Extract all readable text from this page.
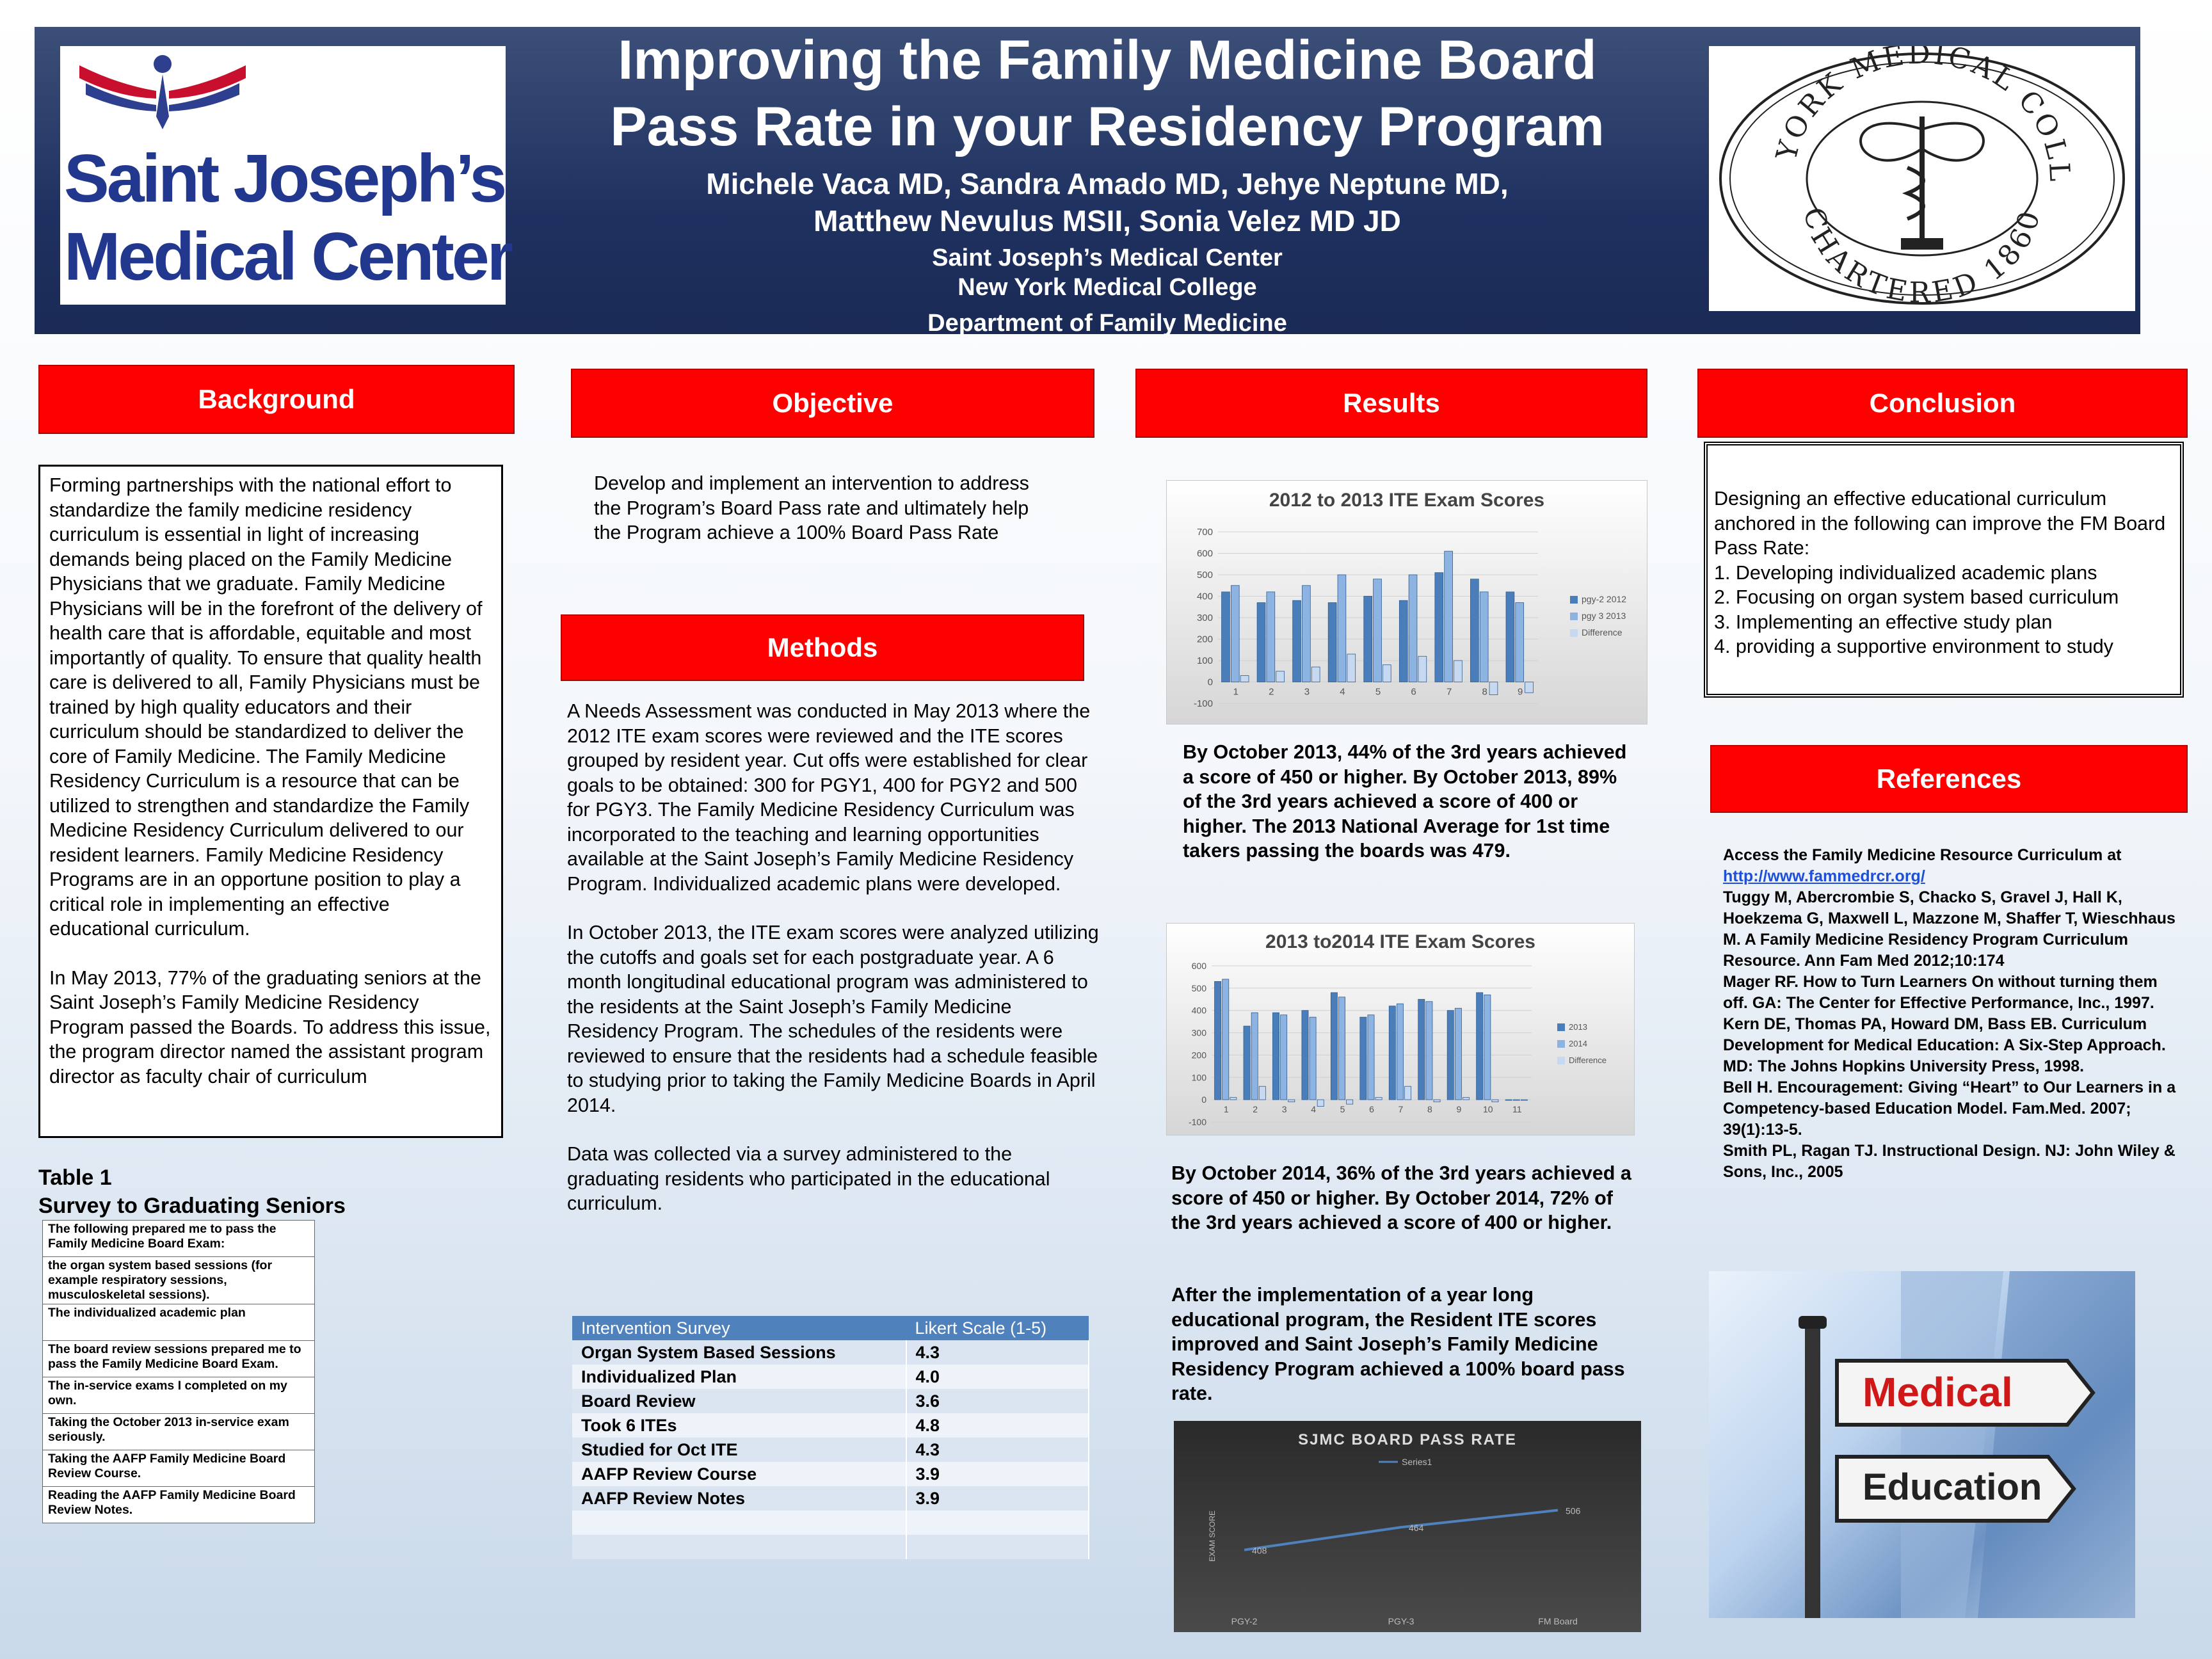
Saint Joseph’s
Medical Center
Improving the Family Medicine Board
Pass Rate in your Residency Program
Michele Vaca MD, Sandra Amado MD, Jehye Neptune MD,
Matthew Nevulus MSII, Sonia Velez MD JD
Saint Joseph’s Medical Center
New York Medical College
Department of Family Medicine
YORK MEDICAL COLL
CHARTERED 1860
Background
Forming partnerships with the national effort to standardize the family medicine residency curriculum is essential in light of increasing demands being placed on the Family Medicine Physicians that we graduate. Family Medicine Physicians will be in the forefront of the delivery of health care that is affordable, equitable and most importantly of quality. To ensure that quality health care is delivered to all, Family Physicians must be trained by high quality educators and their curriculum should be standardized to deliver the core of Family Medicine. The Family Medicine Residency Curriculum is a resource that can be utilized to strengthen and standardize the Family Medicine Residency Curriculum delivered to our resident learners. Family Medicine Residency Programs are in an opportune position to play a critical role in implementing an effective educational curriculum.
In May 2013, 77% of the graduating seniors at the Saint Joseph’s Family Medicine Residency Program passed the Boards. To address this issue, the program director named the assistant program director as faculty chair of curriculum
Table 1
Survey to Graduating Seniors
The following prepared me to pass the Family Medicine Board Exam:
the organ system based sessions (for example respiratory sessions, musculoskeletal sessions).
The individualized academic plan
The board review sessions prepared me to pass the Family Medicine Board Exam.
The in-service exams I completed on my own.
Taking the October 2013 in-service exam seriously.
Taking the AAFP Family Medicine Board Review Course.
Reading the AAFP Family Medicine Board Review Notes.
Objective
Develop and implement an intervention to address the Program’s Board Pass rate and ultimately help the Program achieve a 100% Board Pass Rate
Methods
A Needs Assessment was conducted in May 2013 where the 2012 ITE exam scores were reviewed and the ITE scores grouped by resident year. Cut offs were established for clear goals to be obtained: 300 for PGY1, 400 for PGY2 and 500 for PGY3. The Family Medicine Residency Curriculum was incorporated to the teaching and learning opportunities available at the Saint Joseph’s Family Medicine Residency Program. Individualized academic plans were developed.
In October 2013, the ITE exam scores were analyzed utilizing the cutoffs and goals set for each postgraduate year. A 6 month longitudinal educational program was administered to the residents at the Saint Joseph’s Family Medicine Residency Program. The schedules of the residents were reviewed to ensure that the residents had a schedule feasible to studying prior to taking the Family Medicine Boards in April 2014.
Data was collected via a survey administered to the graduating residents who participated in the educational curriculum.
Intervention Survey	Likert Scale (1-5)
Organ System Based Sessions	4.3
Individualized Plan	4.0
Board Review	3.6
Took 6 ITEs	4.8
Studied for Oct ITE	4.3
AAFP Review Course	3.9
AAFP Review Notes	3.9

Results
2012 to 2013 ITE Exam Scores
-100
0
100
200
300
400
500
600
700
1	2	3	4	5	6	7	8	9
pgy-2 2012
pgy 3 2013
Difference
By October 2013, 44% of the 3rd years achieved a score of 450 or higher. By October 2013, 89% of the 3rd years achieved a score of 400 or higher. The 2013 National Average for 1st time takers passing the boards was 479.
2013 to2014 ITE Exam Scores
-100
0
100
200
300
400
500
600
1	2	3	4	5	6	7	8	9 10 11
2013
2014
Difference
By October 2014, 36% of the 3rd years achieved a score of 450 or higher. By October 2014, 72% of the 3rd years achieved a score of 400 or higher.
After the implementation of a year long educational program, the Resident ITE scores improved and Saint Joseph’s Family Medicine Residency Program achieved a 100% board pass rate.
SJMC BOARD PASS RATE
408
464
506
PGY-2	PGY-3	FM Board
Series1
EXAM SCORE
Conclusion
Designing an effective educational curriculum anchored in the following can improve the FM Board Pass Rate:
1. Developing individualized academic plans
2. Focusing on organ system based curriculum
3. Implementing an effective study plan
4. providing a supportive environment to study
References
Access the Family Medicine Resource Curriculum at
http://www.fammedrcr.org/
Tuggy M, Abercrombie S, Chacko S, Gravel J, Hall K, Hoekzema G, Maxwell L, Mazzone M, Shaffer T, Wieschhaus M. A Family Medicine Residency Program Curriculum Resource. Ann Fam Med 2012;10:174
Mager RF. How to Turn Learners On without turning them off. GA: The Center for Effective Performance, Inc., 1997.
Kern DE, Thomas PA, Howard DM, Bass EB. Curriculum Development for Medical Education: A Six-Step Approach. MD: The Johns Hopkins University Press, 1998.
Bell H. Encouragement: Giving “Heart” to Our Learners in a Competency-based Education Model. Fam.Med. 2007; 39(1):13-5.
Smith PL, Ragan TJ. Instructional Design. NJ: John Wiley & Sons, Inc., 2005
Medical
Education
